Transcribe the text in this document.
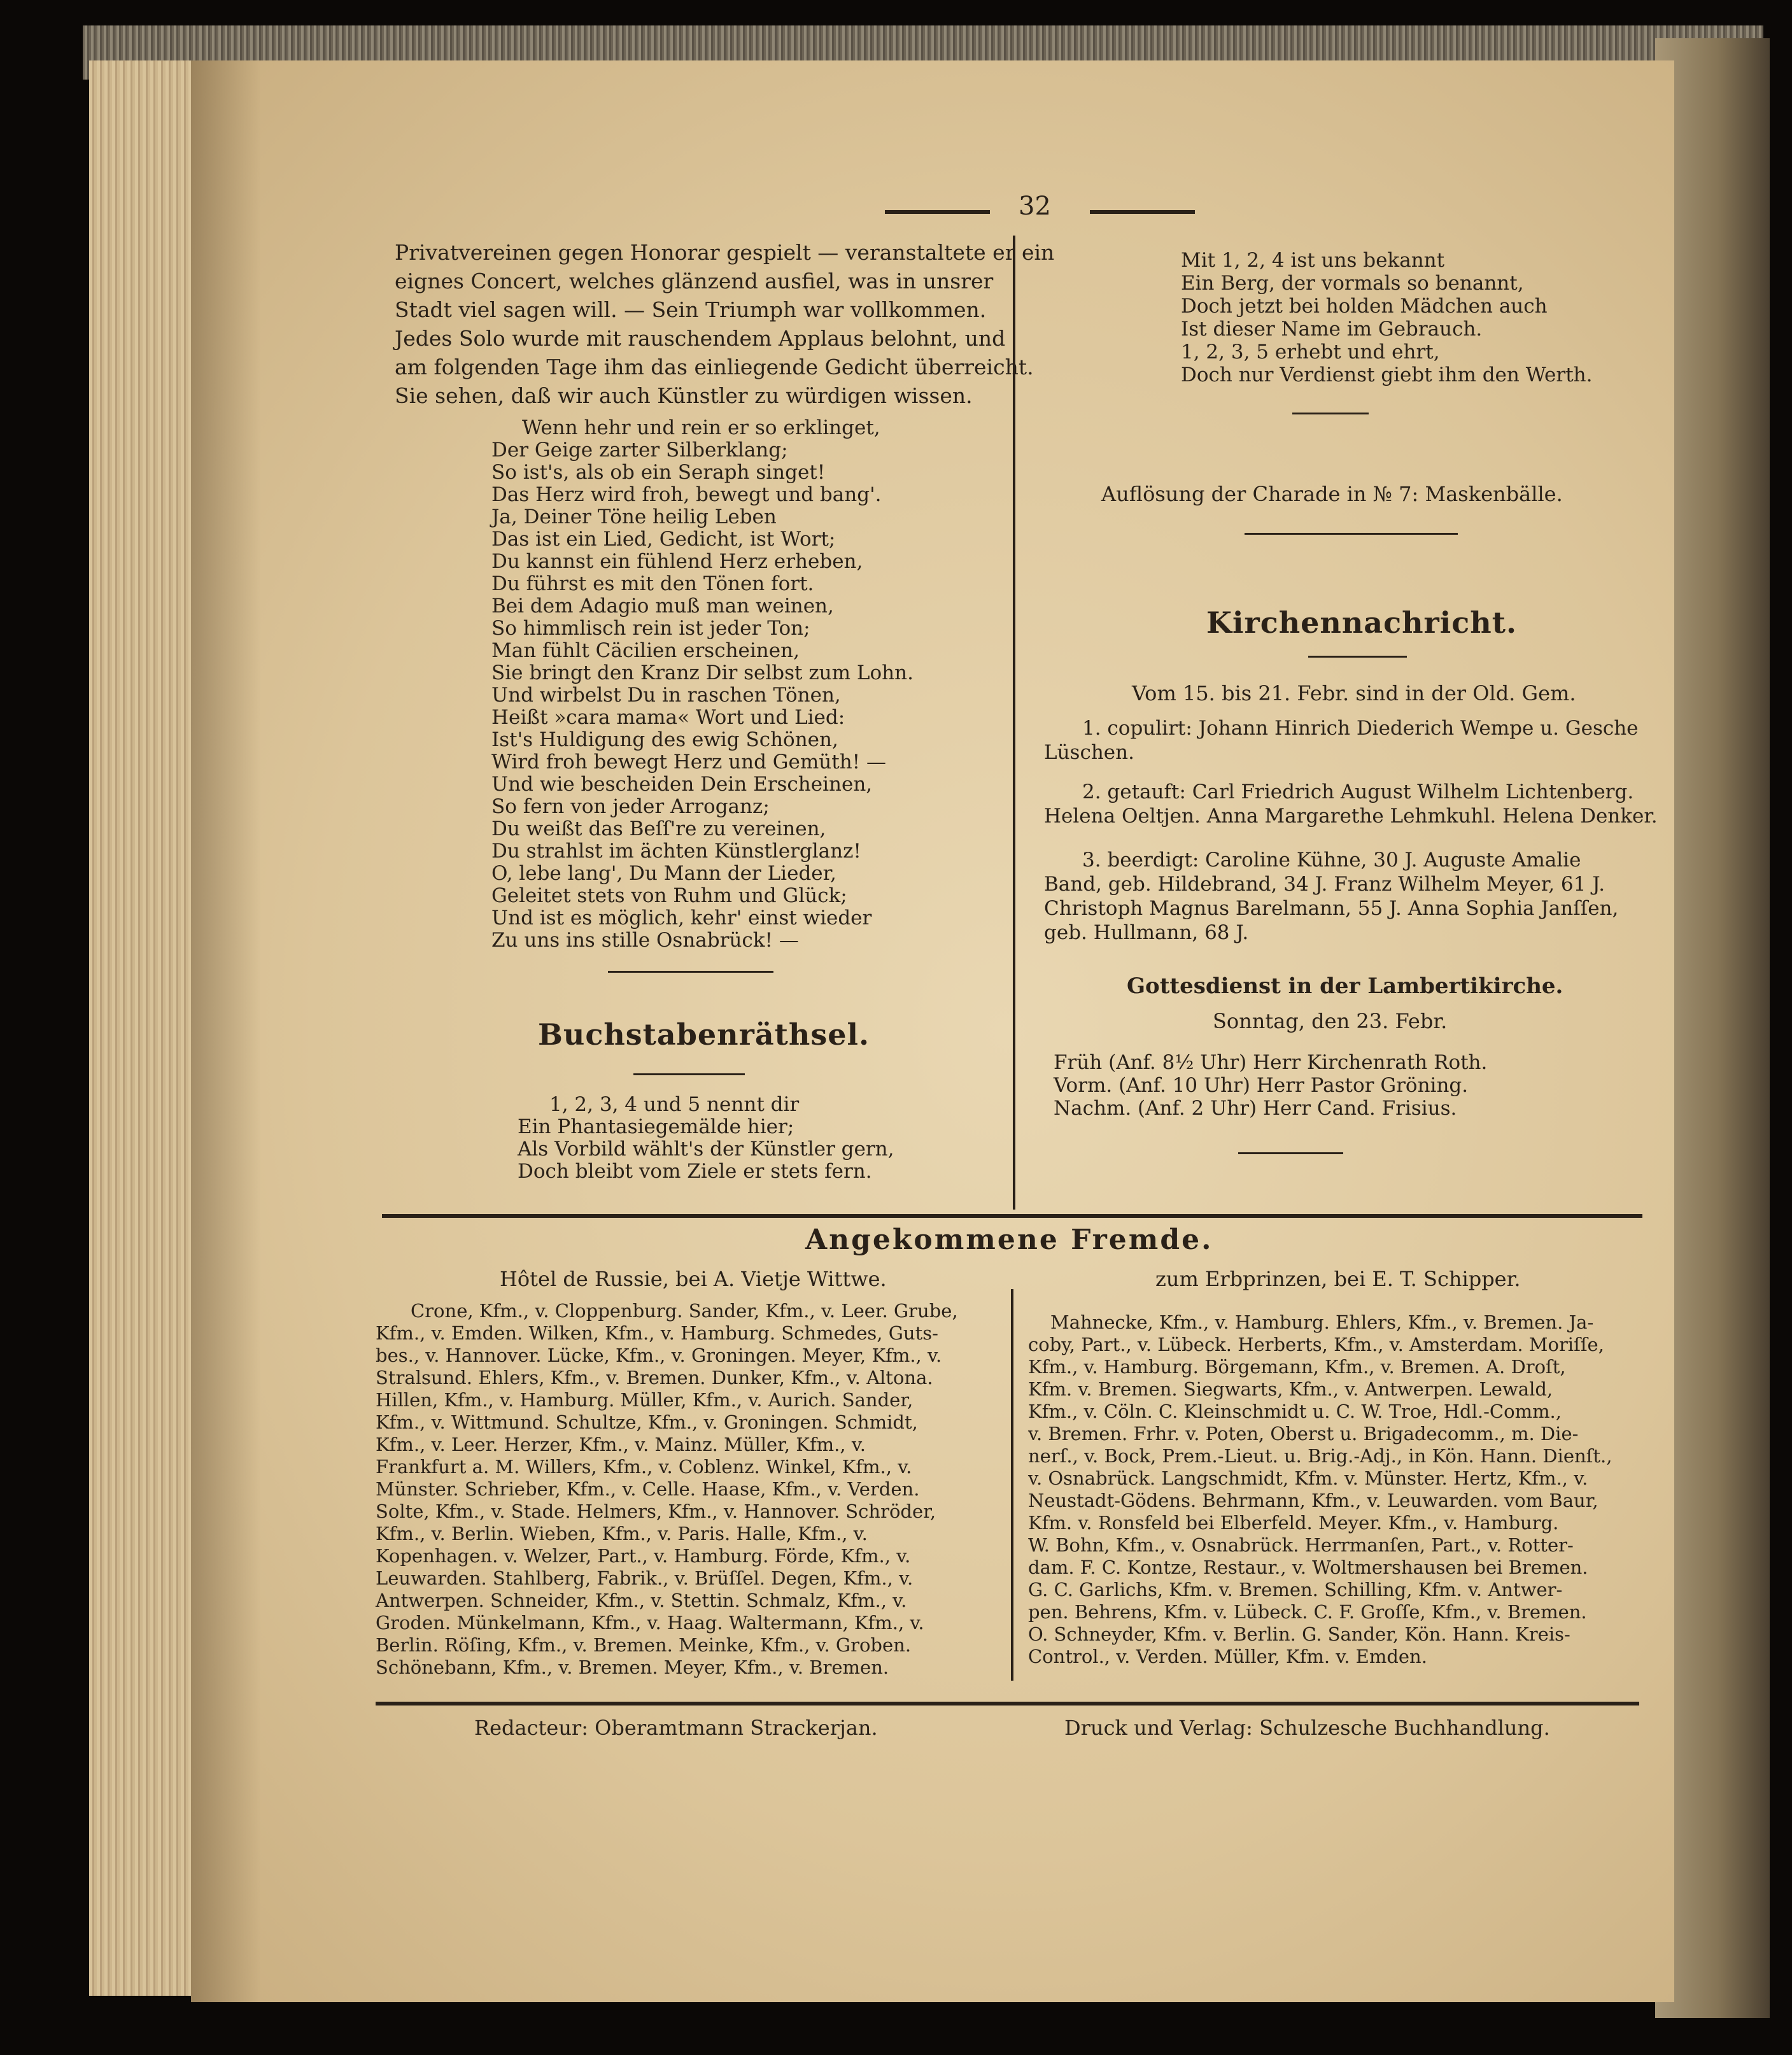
32
Privatvereinen gegen Honorar gespielt — veranstaltete er ein
eignes Concert, welches glänzend ausfiel, was in unsrer
Stadt viel sagen will. — Sein Triumph war vollkommen.
Jedes Solo wurde mit rauschendem Applaus belohnt, und
am folgenden Tage ihm das einliegende Gedicht überreicht.
Sie sehen, daß wir auch Künstler zu würdigen wissen.
Wenn hehr und rein er so erklinget,
Der Geige zarter Silberklang;
So ist's, als ob ein Seraph singet!
Das Herz wird froh, bewegt und bang'.
Ja, Deiner Töne heilig Leben
Das ist ein Lied, Gedicht, ist Wort;
Du kannst ein fühlend Herz erheben,
Du führst es mit den Tönen fort.
Bei dem Adagio muß man weinen,
So himmlisch rein ist jeder Ton;
Man fühlt Cäcilien erscheinen,
Sie bringt den Kranz Dir selbst zum Lohn.
Und wirbelst Du in raschen Tönen,
Heißt »cara mama« Wort und Lied:
Ist's Huldigung des ewig Schönen,
Wird froh bewegt Herz und Gemüth! —
Und wie bescheiden Dein Erscheinen,
So fern von jeder Arroganz;
Du weißt das Beſſ're zu vereinen,
Du strahlst im ächten Künstlerglanz!
O, lebe lang', Du Mann der Lieder,
Geleitet stets von Ruhm und Glück;
Und ist es möglich, kehr' einst wieder
Zu uns ins stille Osnabrück! —
Buchstabenräthsel.
1, 2, 3, 4 und 5 nennt dir
Ein Phantasiegemälde hier;
Als Vorbild wählt's der Künstler gern,
Doch bleibt vom Ziele er stets fern.
Mit 1, 2, 4 ist uns bekannt
Ein Berg, der vormals so benannt,
Doch jetzt bei holden Mädchen auch
Ist dieser Name im Gebrauch.
1, 2, 3, 5 erhebt und ehrt,
Doch nur Verdienst giebt ihm den Werth.
Auflösung der Charade in № 7: Maskenbälle.
Kirchennachricht.
Vom 15. bis 21. Febr. sind in der Old. Gem.
1. copulirt: Johann Hinrich Diederich Wempe u. Gesche
Lüschen.
2. getauft: Carl Friedrich August Wilhelm Lichtenberg.
Helena Oeltjen. Anna Margarethe Lehmkuhl. Helena Denker.
3. beerdigt: Caroline Kühne, 30 J. Auguste Amalie
Band, geb. Hildebrand, 34 J. Franz Wilhelm Meyer, 61 J.
Christoph Magnus Barelmann, 55 J. Anna Sophia Janſſen,
geb. Hullmann, 68 J.
Gottesdienst in der Lambertikirche.
Sonntag, den 23. Febr.
Früh (Anf. 8½ Uhr) Herr Kirchenrath Roth.
Vorm. (Anf. 10 Uhr) Herr Pastor Gröning.
Nachm. (Anf. 2 Uhr) Herr Cand. Frisius.
Angekommene Fremde.
Hôtel de Russie, bei A. Vietje Wittwe.	zum Erbprinzen, bei E. T. Schipper.
Crone, Kfm., v. Cloppenburg. Sander, Kfm., v. Leer. Grube,
Kfm., v. Emden. Wilken, Kfm., v. Hamburg. Schmedes, Guts-
bes., v. Hannover. Lücke, Kfm., v. Groningen. Meyer, Kfm., v.
Stralsund. Ehlers, Kfm., v. Bremen. Dunker, Kfm., v. Altona.
Hillen, Kfm., v. Hamburg. Müller, Kfm., v. Aurich. Sander,
Kfm., v. Wittmund. Schultze, Kfm., v. Groningen. Schmidt,
Kfm., v. Leer. Herzer, Kfm., v. Mainz. Müller, Kfm., v.
Frankfurt a. M. Willers, Kfm., v. Coblenz. Winkel, Kfm., v.
Münster. Schrieber, Kfm., v. Celle. Haase, Kfm., v. Verden.
Solte, Kfm., v. Stade. Helmers, Kfm., v. Hannover. Schröder,
Kfm., v. Berlin. Wieben, Kfm., v. Paris. Halle, Kfm., v.
Kopenhagen. v. Welzer, Part., v. Hamburg. Förde, Kfm., v.
Leuwarden. Stahlberg, Fabrik., v. Brüſſel. Degen, Kfm., v.
Antwerpen. Schneider, Kfm., v. Stettin. Schmalz, Kfm., v.
Groden. Münkelmann, Kfm., v. Haag. Waltermann, Kfm., v.
Berlin. Röſing, Kfm., v. Bremen. Meinke, Kfm., v. Groben.
Schönebann, Kfm., v. Bremen. Meyer, Kfm., v. Bremen.
Mahnecke, Kfm., v. Hamburg. Ehlers, Kfm., v. Bremen. Ja-
coby, Part., v. Lübeck. Herberts, Kfm., v. Amsterdam. Moriſſe,
Kfm., v. Hamburg. Börgemann, Kfm., v. Bremen. A. Droſt,
Kfm. v. Bremen. Siegwarts, Kfm., v. Antwerpen. Lewald,
Kfm., v. Cöln. C. Kleinschmidt u. C. W. Troe, Hdl.-Comm.,
v. Bremen. Frhr. v. Poten, Oberst u. Brigadecomm., m. Die-
nerſ., v. Bock, Prem.-Lieut. u. Brig.-Adj., in Kön. Hann. Dienſt.,
v. Osnabrück. Langschmidt, Kfm. v. Münster. Hertz, Kfm., v.
Neustadt-Gödens. Behrmann, Kfm., v. Leuwarden. vom Baur,
Kfm. v. Ronsfeld bei Elberfeld. Meyer. Kfm., v. Hamburg.
W. Bohn, Kfm., v. Osnabrück. Herrmanſen, Part., v. Rotter-
dam. F. C. Kontze, Restaur., v. Woltmershausen bei Bremen.
G. C. Garlichs, Kfm. v. Bremen. Schilling, Kfm. v. Antwer-
pen. Behrens, Kfm. v. Lübeck. C. F. Groſſe, Kfm., v. Bremen.
O. Schneyder, Kfm. v. Berlin. G. Sander, Kön. Hann. Kreis-
Control., v. Verden. Müller, Kfm. v. Emden.
Redacteur: Oberamtmann Strackerjan.	Druck und Verlag: Schulzesche Buchhandlung.
